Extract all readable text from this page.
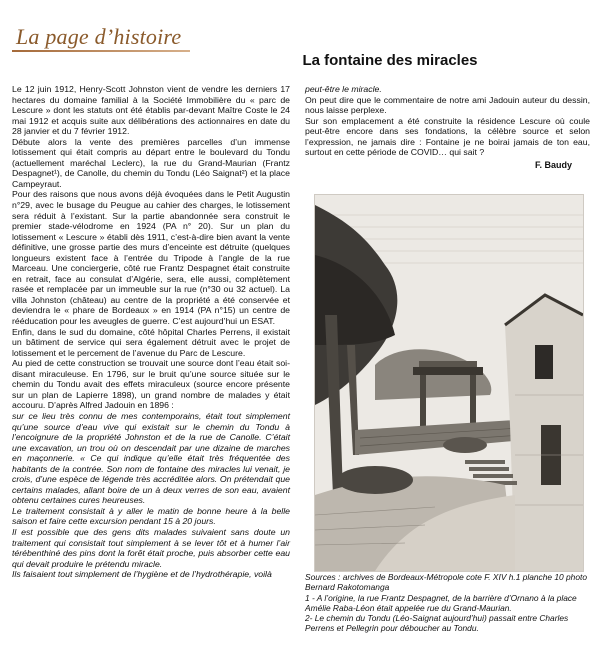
La page d’histoire
La fontaine des miracles

Le 12 juin 1912, Henry-Scott Johnston vient de vendre les derniers 17 hectares du domaine familial à la Société Immobilière du « parc de Lescure » dont les statuts ont été établis par-devant Maître Coste le 24 mai 1912 et acquis suite aux délibérations des actionnaires en date du 28 janvier et du 7 février 1912.

Débute alors la vente des premières parcelles d’un immense lotissement qui était compris au départ entre le boulevard du Tondu (actuellement maréchal Leclerc), la rue du Grand-Maurian (Frantz Despagnet¹), de Canolle, du chemin du Tondu (Léo Saignat²) et la place Campeyraut.

Pour des raisons que nous avons déjà évoquées dans le Petit Augustin n°29, avec le busage du Peugue au cahier des charges, le lotissement sera réduit à l’existant. Sur la partie abandonnée sera construit le premier stade-vélodrome en 1924 (PA n° 20). Sur un plan du lotissement « Lescure » établi dès 1911, c’est-à-dire bien avant la vente définitive, une grosse partie des murs d’enceinte est détruite (quelques longueurs existent face à l’entrée du Tripode à l’angle de la rue Marceau. Une conciergerie, côté rue Frantz Despagnet était construite en retrait, face au consulat d’Algérie, sera, elle aussi, complètement rasée et remplacée par un immeuble sur la rue (n°30 ou 32 actuel). La villa Johnston (château) au centre de la propriété a été conservée et deviendra le « phare de Bordeaux » en 1914 (PA n°15) un centre de rééducation pour les aveugles de guerre. C’est aujourd’hui un ESAT.

Enfin, dans le sud du domaine, côté hôpital Charles Perrens, il existait un bâtiment de service qui sera également détruit avec le projet de lotissement et le percement de l’avenue du Parc de Lescure.

Au pied de cette construction se trouvait une source dont l’eau était soi-disant miraculeuse. En 1796, sur le bruit qu’une source située sur le chemin du Tondu avait des effets miraculeux (source encore présente sur un plan de Lapierre 1898), un grand nombre de malades y était accouru. D’après Alfred Jadouin en 1896 :

sur ce lieu très connu de mes contemporains, était tout simplement qu’une source d’eau vive qui existait sur le chemin du Tondu à l’encoignure de la propriété Johnston et de la rue de Canolle. C’était une excavation, un trou où on descendait par une dizaine de marches en maçonnerie. « Ce qui indique qu’elle était très fréquentée des habitants de la contrée. Son nom de fontaine des miracles lui venait, je crois, d’une espèce de légende très accréditée alors. On prétendait que certains malades, allant boire de un à deux verres de son eau, avaient obtenu certaines cures heureuses.

Le traitement consistait à y aller le matin de bonne heure à la belle saison et faire cette excursion pendant 15 à 20 jours.

Il est possible que des gens dits malades suivaient sans doute un traitement qui consistait tout simplement à se lever tôt et à humer l’air térébenthiné des pins dont la forêt était proche, puis absorber cette eau qui devait produire le prétendu miracle.

Ils faisaient tout simplement de l’hygiène et de l’hydrothérapie, voilà

peut-être le miracle.

On peut dire que le commentaire de notre ami Jadouin auteur du dessin, nous laisse perplexe.

Sur son emplacement a été construite la résidence Lescure où coule peut-être encore dans ses fondations, la célèbre source et selon l’expression, ne jamais dire : Fontaine je ne boirai jamais de ton eau, surtout en cette période de COVID… qui sait ?

F. Baudy

Sources : archives de Bordeaux-Métropole cote F. XIV h.1 planche 10 photo Bernard Rakotomanga

1 - A l’origine, la rue Frantz Despagnet, de la barrière d’Ornano à la place Amélie Raba-Léon était appelée rue du Grand-Maurian.

2- Le chemin du Tondu (Léo-Saignat aujourd’hui) passait entre Charles Perrens et Pellegrin pour déboucher au Tondu.
